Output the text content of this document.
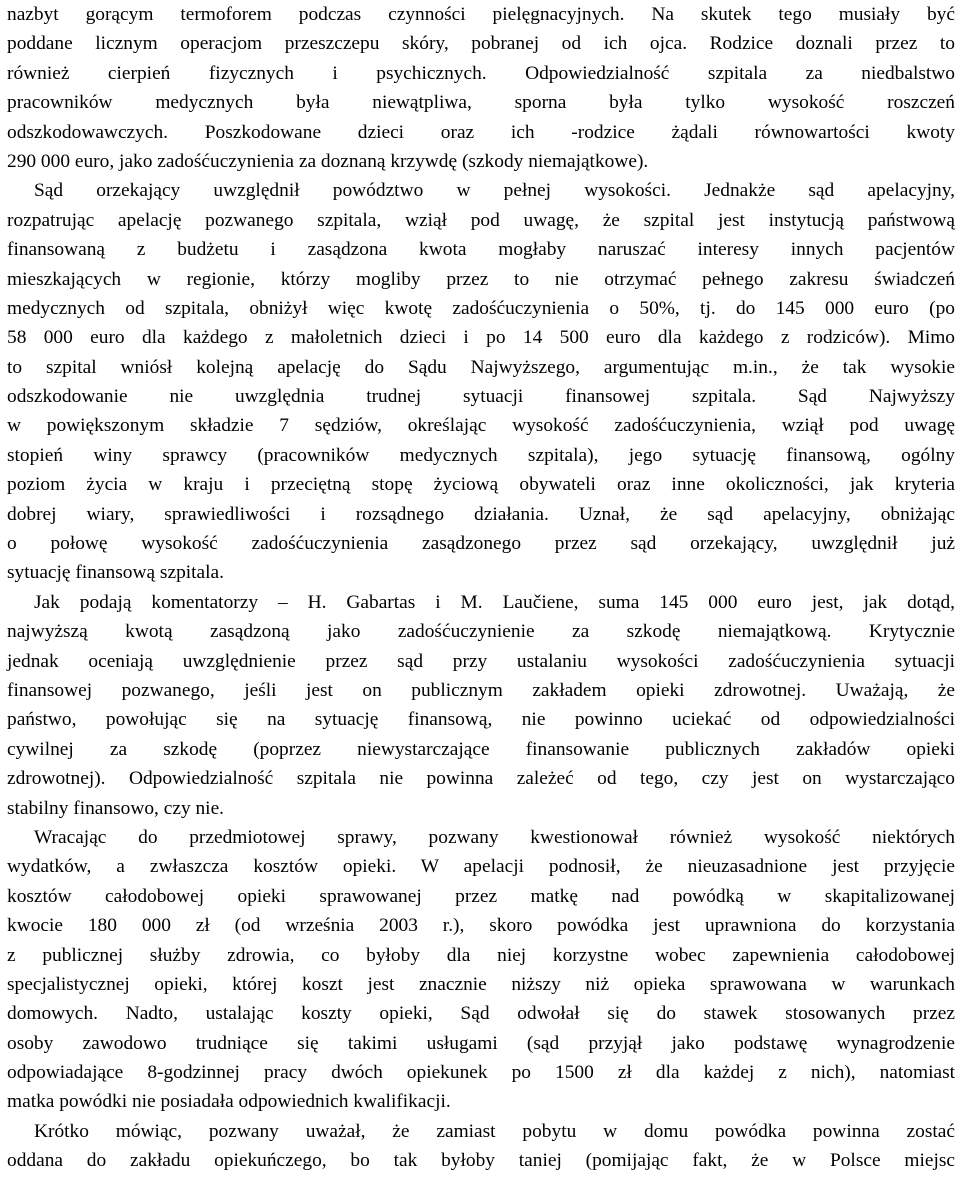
nazbyt gorącym termoforem podczas czynności pielęgnacyjnych. Na skutek tego musiały być
poddane licznym operacjom przeszczepu skóry, pobranej od ich ojca. Rodzice doznali przez to
również cierpień fizycznych i psychicznych. Odpowiedzialność szpitala za niedbalstwo
pracowników medycznych była niewątpliwa, sporna była tylko wysokość roszczeń
odszkodowawczych. Poszkodowane dzieci oraz ich -rodzice żądali równowartości kwoty
290 000 euro, jako zadośćuczynienia za doznaną krzywdę (szkody niemajątkowe).
Sąd orzekający uwzględnił powództwo w pełnej wysokości. Jednakże sąd apelacyjny,
rozpatrując apelację pozwanego szpitala, wziął pod uwagę, że szpital jest instytucją państwową
finansowaną z budżetu i zasądzona kwota mogłaby naruszać interesy innych pacjentów
mieszkających w regionie, którzy mogliby przez to nie otrzymać pełnego zakresu świadczeń
medycznych od szpitala, obniżył więc kwotę zadośćuczynienia o 50%, tj. do 145 000 euro (po
58 000 euro dla każdego z małoletnich dzieci i po 14 500 euro dla każdego z rodziców). Mimo
to szpital wniósł kolejną apelację do Sądu Najwyższego, argumentując m.in., że tak wysokie
odszkodowanie nie uwzględnia trudnej sytuacji finansowej szpitala. Sąd Najwyższy
w powiększonym składzie 7 sędziów, określając wysokość zadośćuczynienia, wziął pod uwagę
stopień winy sprawcy (pracowników medycznych szpitala), jego sytuację finansową, ogólny
poziom życia w kraju i przeciętną stopę życiową obywateli oraz inne okoliczności, jak kryteria
dobrej wiary, sprawiedliwości i rozsądnego działania. Uznał, że sąd apelacyjny, obniżając
o połowę wysokość zadośćuczynienia zasądzonego przez sąd orzekający, uwzględnił już
sytuację finansową szpitala.
Jak podają komentatorzy – H. Gabartas i M. Laučiene, suma 145 000 euro jest, jak dotąd,
najwyższą kwotą zasądzoną jako zadośćuczynienie za szkodę niemajątkową. Krytycznie
jednak oceniają uwzględnienie przez sąd przy ustalaniu wysokości zadośćuczynienia sytuacji
finansowej pozwanego, jeśli jest on publicznym zakładem opieki zdrowotnej. Uważają, że
państwo, powołując się na sytuację finansową, nie powinno uciekać od odpowiedzialności
cywilnej za szkodę (poprzez niewystarczające finansowanie publicznych zakładów opieki
zdrowotnej). Odpowiedzialność szpitala nie powinna zależeć od tego, czy jest on wystarczająco
stabilny finansowo, czy nie.
Wracając do przedmiotowej sprawy, pozwany kwestionował również wysokość niektórych
wydatków, a zwłaszcza kosztów opieki. W apelacji podnosił, że nieuzasadnione jest przyjęcie
kosztów całodobowej opieki sprawowanej przez matkę nad powódką w skapitalizowanej
kwocie 180 000 zł (od września 2003 r.), skoro powódka jest uprawniona do korzystania
z publicznej służby zdrowia, co byłoby dla niej korzystne wobec zapewnienia całodobowej
specjalistycznej opieki, której koszt jest znacznie niższy niż opieka sprawowana w warunkach
domowych. Nadto, ustalając koszty opieki, Sąd odwołał się do stawek stosowanych przez
osoby zawodowo trudniące się takimi usługami (sąd przyjął jako podstawę wynagrodzenie
odpowiadające 8-godzinnej pracy dwóch opiekunek po 1500 zł dla każdej z nich), natomiast
matka powódki nie posiadała odpowiednich kwalifikacji.
Krótko mówiąc, pozwany uważał, że zamiast pobytu w domu powódka powinna zostać
oddana do zakładu opiekuńczego, bo tak byłoby taniej (pomijając fakt, że w Polsce miejsc
